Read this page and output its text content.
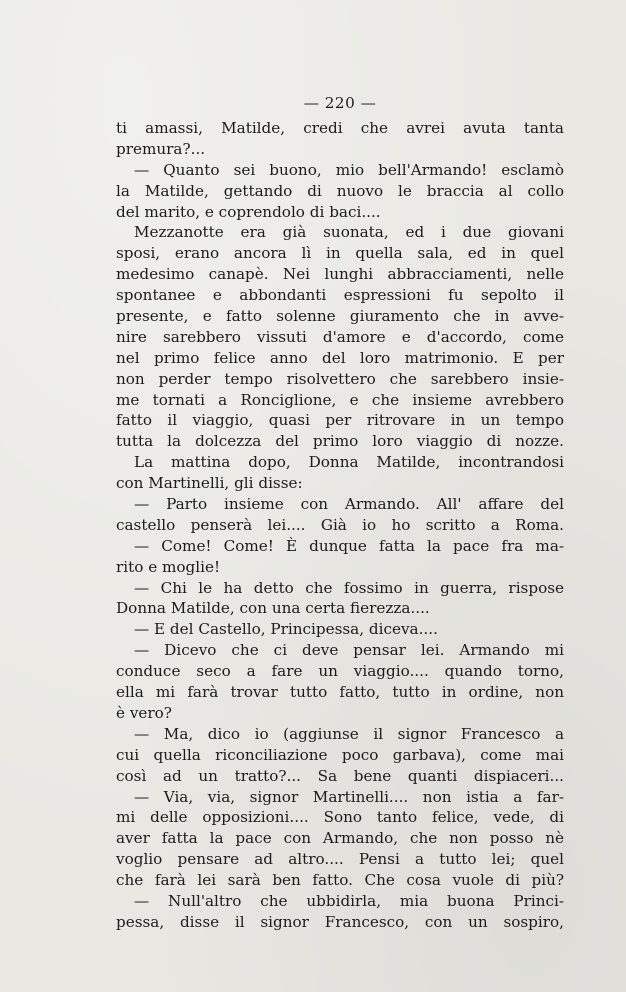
— 220 —
ti amassi, Matilde, credi che avrei avuta tanta
premura?...
— Quanto sei buono, mio bell'Armando! esclamò
la Matilde, gettando di nuovo le braccia al collo
del marito, e coprendolo di baci....
Mezzanotte era già suonata, ed i due giovani
sposi, erano ancora lì in quella sala, ed in quel
medesimo canapè. Nei lunghi abbracciamenti, nelle
spontanee e abbondanti espressioni fu sepolto il
presente, e fatto solenne giuramento che in avve-
nire sarebbero vissuti d'amore e d'accordo, come
nel primo felice anno del loro matrimonio. E per
non perder tempo risolvettero che sarebbero insie-
me tornati a Ronciglione, e che insieme avrebbero
fatto il viaggio, quasi per ritrovare in un tempo
tutta la dolcezza del primo loro viaggio di nozze.
La mattina dopo, Donna Matilde, incontrandosi
con Martinelli, gli disse:
— Parto insieme con Armando. All' affare del
castello penserà lei.... Già io ho scritto a Roma.
— Come! Come! È dunque fatta la pace fra ma-
rito e moglie!
— Chi le ha detto che fossimo in guerra, rispose
Donna Matilde, con una certa fierezza....
— E del Castello, Principessa, diceva....
— Dicevo che ci deve pensar lei. Armando mi
conduce seco a fare un viaggio.... quando torno,
ella mi farà trovar tutto fatto, tutto in ordine, non
è vero?
— Ma, dico io (aggiunse il signor Francesco a
cui quella riconciliazione poco garbava), come mai
così ad un tratto?... Sa bene quanti dispiaceri...
— Via, via, signor Martinelli.... non istia a far-
mi delle opposizioni.... Sono tanto felice, vede, di
aver fatta la pace con Armando, che non posso nè
voglio pensare ad altro.... Pensi a tutto lei; quel
che farà lei sarà ben fatto. Che cosa vuole di più?
— Null'altro che ubbidirla, mia buona Princi-
pessa, disse il signor Francesco, con un sospiro,
